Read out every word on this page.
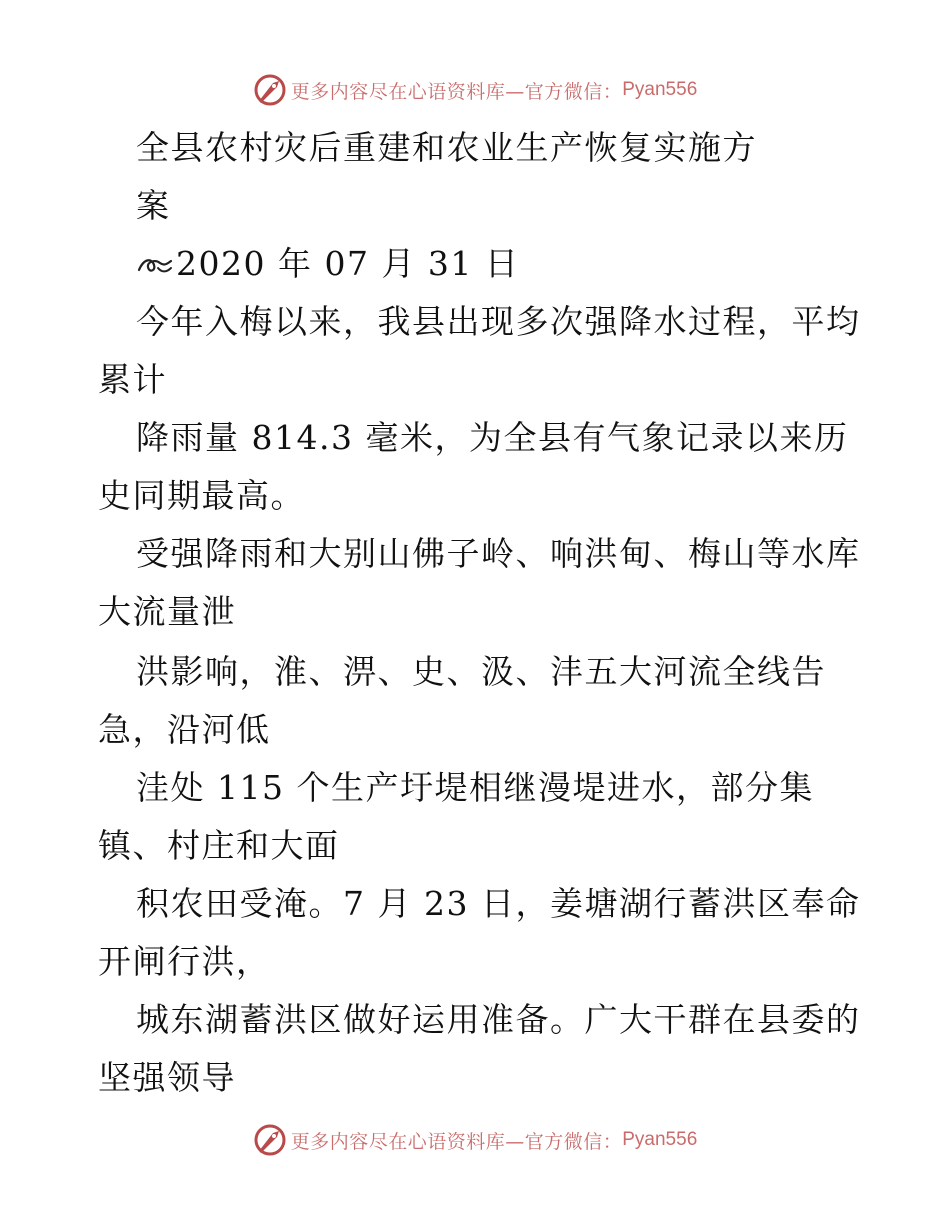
更多内容尽在心语资料库—官方微信： Pyan556
全县农村灾后重建和农业生产恢复实施方
案
2020 年 07 月 31 日
今年入梅以来，我县出现多次强降水过程，平均
累计
降雨量 814.3 毫米，为全县有气象记录以来历
史同期最高。
受强降雨和大别山佛子岭、响洪甸、梅山等水库
大流量泄
洪影响，淮、淠、史、汲、沣五大河流全线告
急，沿河低
洼处 115 个生产圩堤相继漫堤进水，部分集
镇、村庄和大面
积农田受淹。7 月 23 日，姜塘湖行蓄洪区奉命
开闸行洪，
城东湖蓄洪区做好运用准备。广大干群在县委的
坚强领导
更多内容尽在心语资料库—官方微信： Pyan556
